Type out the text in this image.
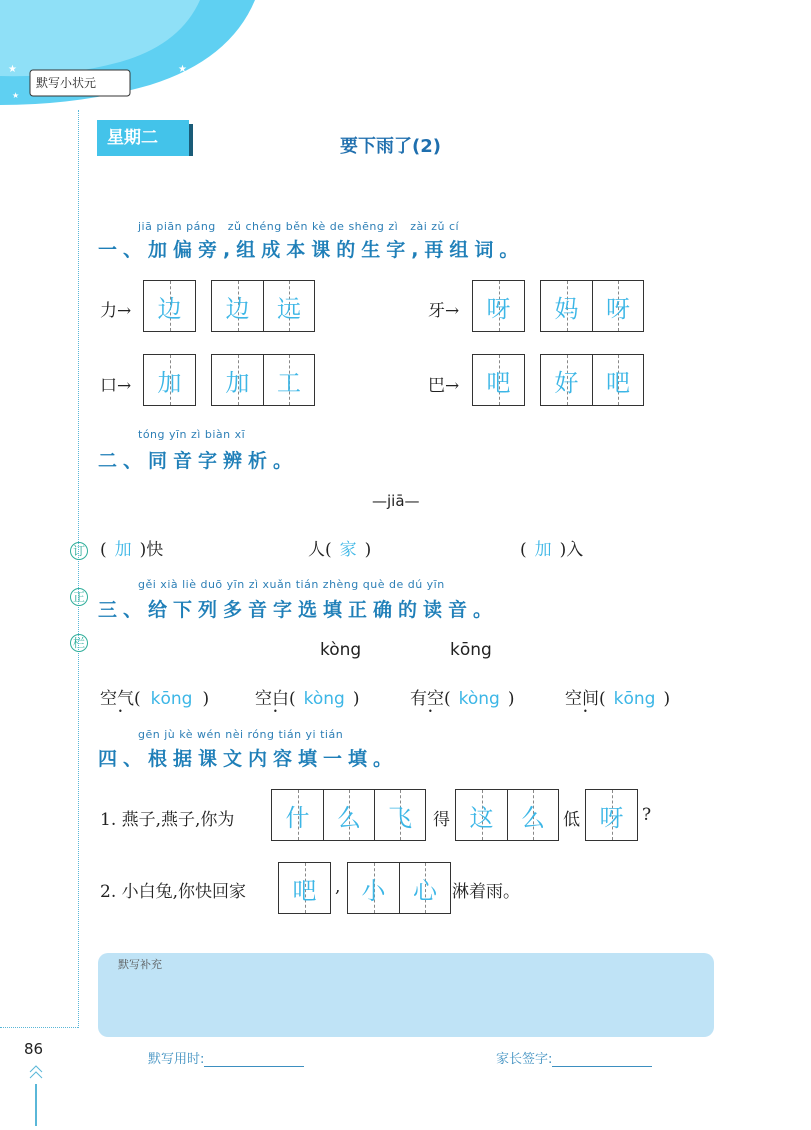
★
★
★
默写小状元
星期二	要下雨了(2)
jiā piān páng   zǔ chéng běn kè de shēng zì   zài zǔ cí
一、加偏旁,组成本课的生字,再组词。
力→ 边 边 远	牙→ 呀 妈 呀
口→ 加 加 工	巴→ 吧 好 吧
tóng yīn zì biàn xī
二、同音字辨析。
—jiā—
( 加 )快	人( 家 )	( 加 )入
订
正
栏
gěi xià liè duō yīn zì xuǎn tián zhèng què de dú yīn
三、给下列多音字选填正确的读音。
kòng	kōng
空气( • kōng )	空白( • kòng )	有空( • kòng )	空间( • kōng )
gēn jù kè wén nèi róng tián yi tián
四、根据课文内容填一填。
1. 燕子,燕子,你为 什 么 飞 得 这 么 低 呀 ?
2. 小白兔,你快回家 吧 , 小 心 淋着雨。
默写补充
默写用时:	家长签字:
86
